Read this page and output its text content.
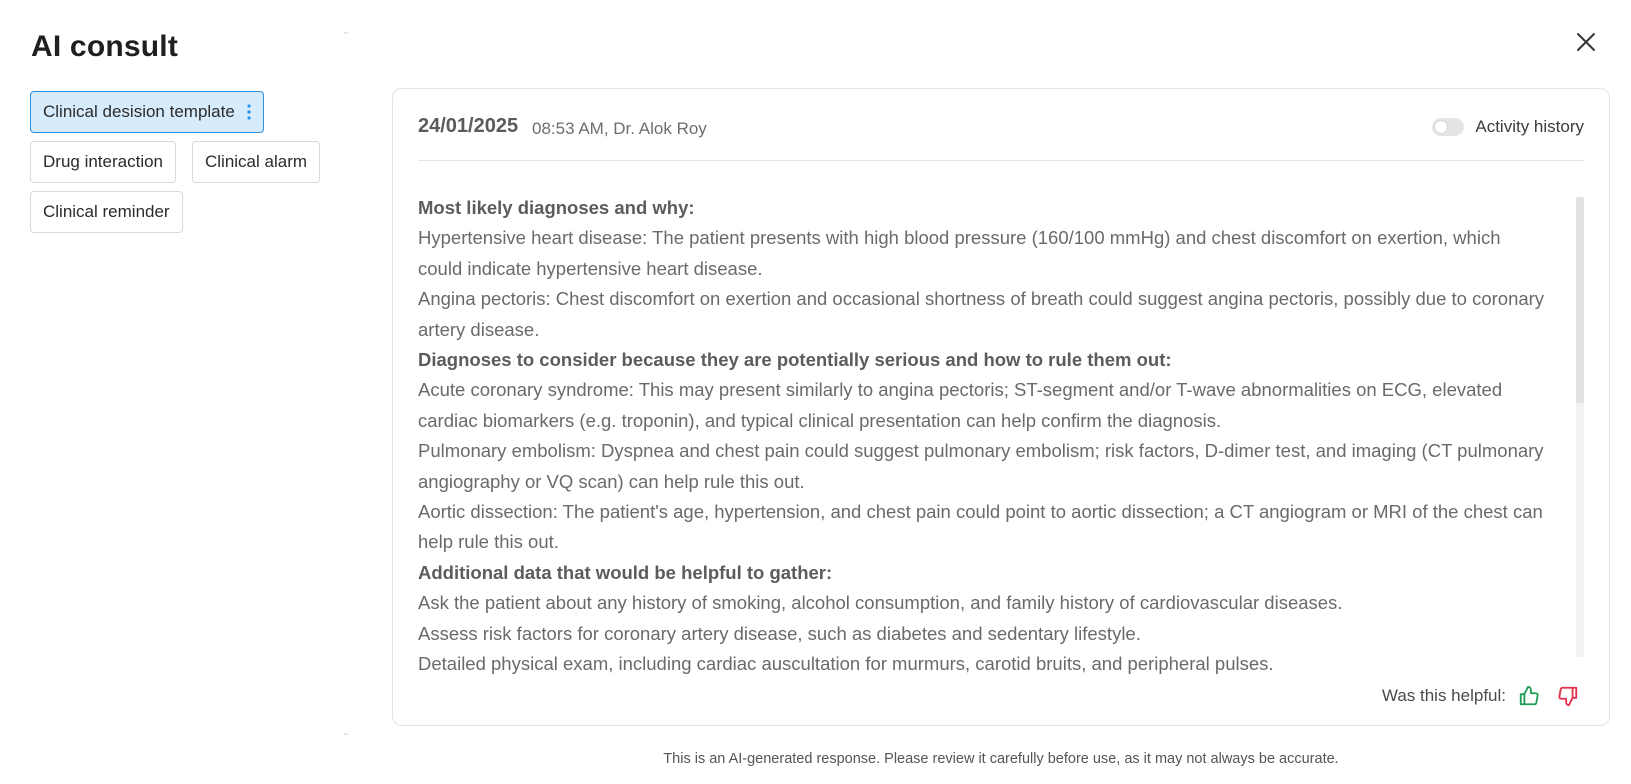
AI consult
Clinical desision template
Drug interaction Clinical alarm
Clinical reminder
24/01/2025 08:53 AM, Dr. Alok Roy	Activity history

Most likely diagnoses and why:

Hypertensive heart disease: The patient presents with high blood pressure (160/100 mmHg) and chest discomfort on exertion, which could indicate hypertensive heart disease.

Angina pectoris: Chest discomfort on exertion and occasional shortness of breath could suggest angina pectoris, possibly due to coronary artery disease.

Diagnoses to consider because they are potentially serious and how to rule them out:

Acute coronary syndrome: This may present similarly to angina pectoris; ST-segment and/or T-wave abnormalities on ECG, elevated cardiac biomarkers (e.g. troponin), and typical clinical presentation can help confirm the diagnosis.

Pulmonary embolism: Dyspnea and chest pain could suggest pulmonary embolism; risk factors, D-dimer test, and imaging (CT pulmonary angiography or VQ scan) can help rule this out.

Aortic dissection: The patient's age, hypertension, and chest pain could point to aortic dissection; a CT angiogram or MRI of the chest can help rule this out.

Additional data that would be helpful to gather:

Ask the patient about any history of smoking, alcohol consumption, and family history of cardiovascular diseases.

Assess risk factors for coronary artery disease, such as diabetes and sedentary lifestyle.

Detailed physical exam, including cardiac auscultation for murmurs, carotid bruits, and peripheral pulses.

Was this helpful:
This is an AI-generated response. Please review it carefully before use, as it may not always be accurate.
